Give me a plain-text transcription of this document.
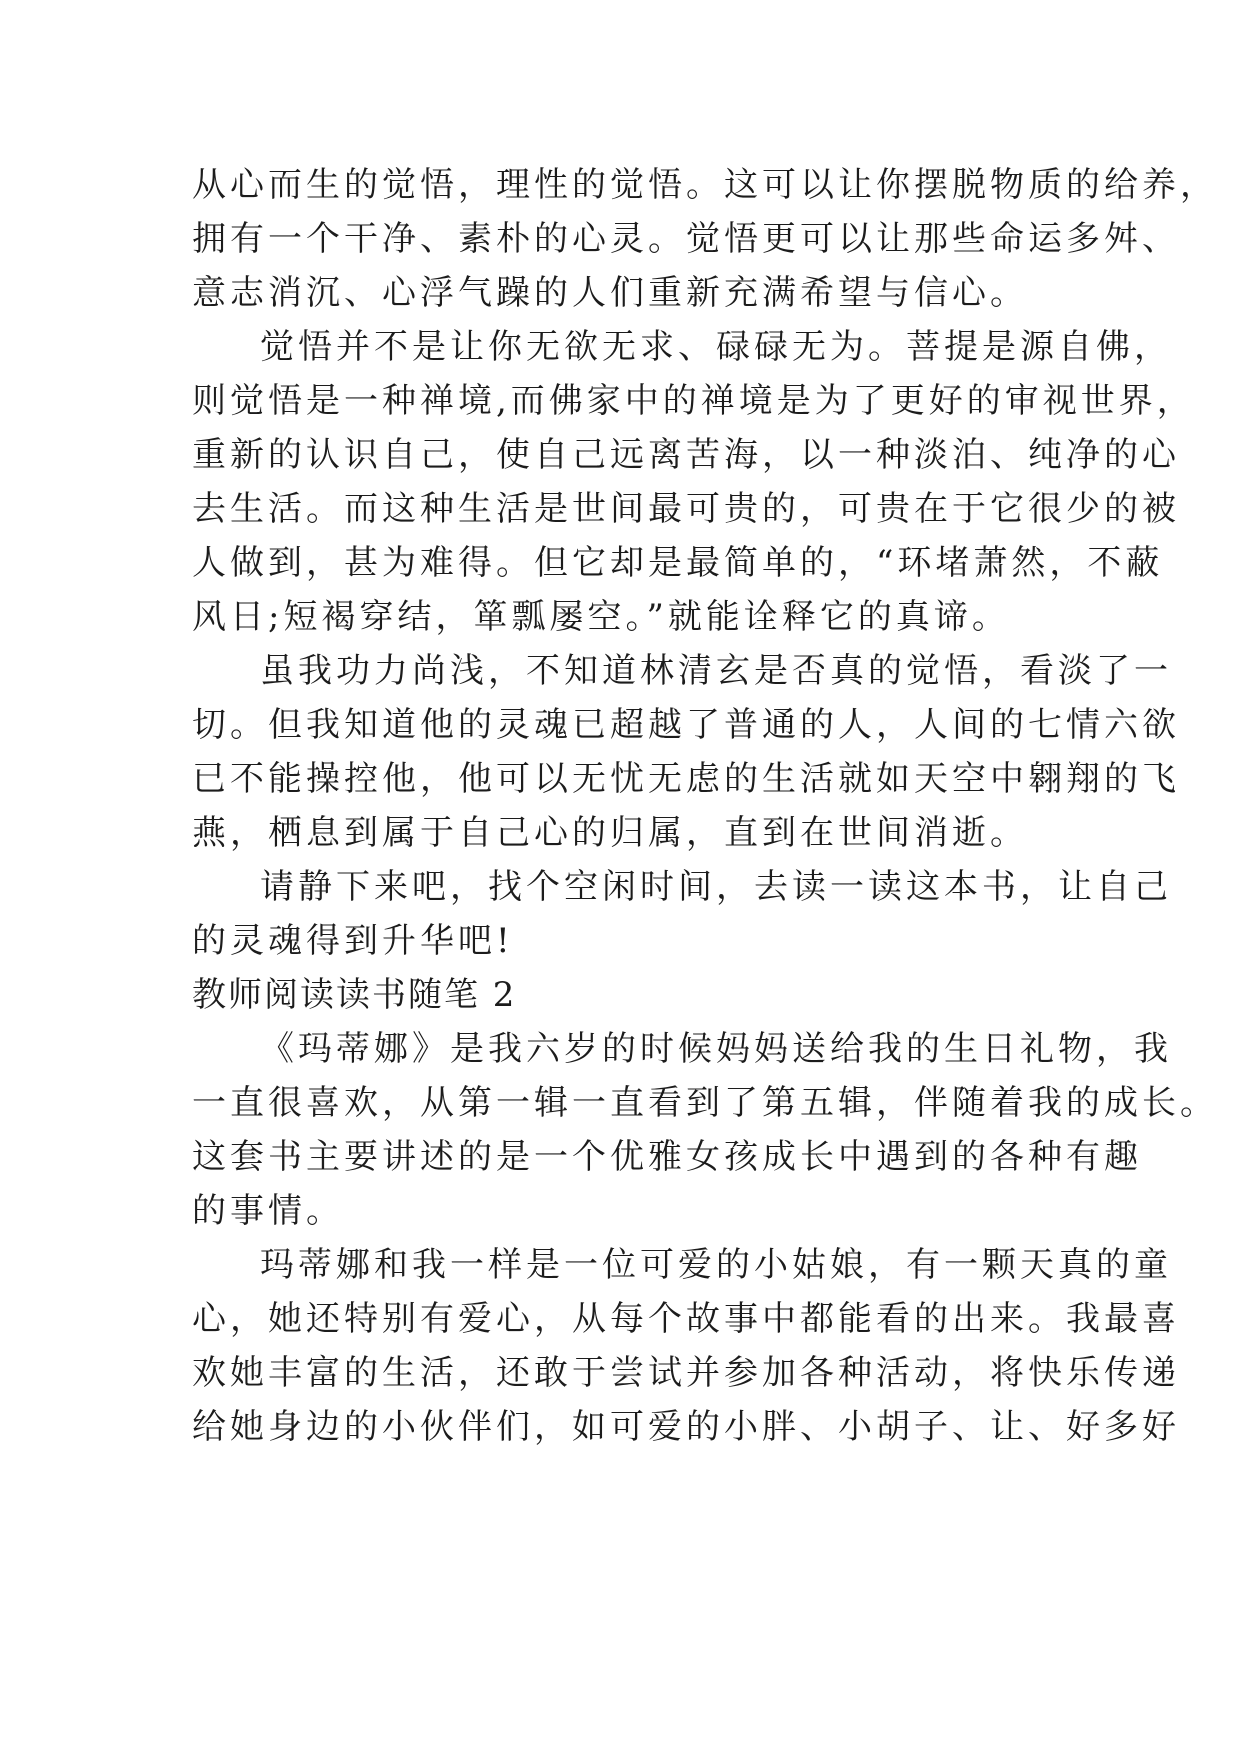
从心而生的觉悟，理性的觉悟。这可以让你摆脱物质的给养，
拥有一个干净、素朴的心灵。觉悟更可以让那些命运多舛、
意志消沉、心浮气躁的人们重新充满希望与信心。
觉悟并不是让你无欲无求、碌碌无为。菩提是源自佛，
则觉悟是一种禅境,而佛家中的禅境是为了更好的审视世界，
重新的认识自己，使自己远离苦海，以一种淡泊、纯净的心
去生活。而这种生活是世间最可贵的，可贵在于它很少的被
人做到，甚为难得。但它却是最简单的，“环堵萧然，不蔽
风日;短褐穿结，箪瓢屡空。”就能诠释它的真谛。
虽我功力尚浅，不知道林清玄是否真的觉悟，看淡了一
切。但我知道他的灵魂已超越了普通的人，人间的七情六欲
已不能操控他，他可以无忧无虑的生活就如天空中翱翔的飞
燕，栖息到属于自己心的归属，直到在世间消逝。
请静下来吧，找个空闲时间，去读一读这本书，让自己
的灵魂得到升华吧!
教师阅读读书随笔 2
《玛蒂娜》是我六岁的时候妈妈送给我的生日礼物，我
一直很喜欢，从第一辑一直看到了第五辑，伴随着我的成长。
这套书主要讲述的是一个优雅女孩成长中遇到的各种有趣
的事情。
玛蒂娜和我一样是一位可爱的小姑娘，有一颗天真的童
心，她还特别有爱心，从每个故事中都能看的出来。我最喜
欢她丰富的生活，还敢于尝试并参加各种活动，将快乐传递
给她身边的小伙伴们，如可爱的小胖、小胡子、让、好多好
